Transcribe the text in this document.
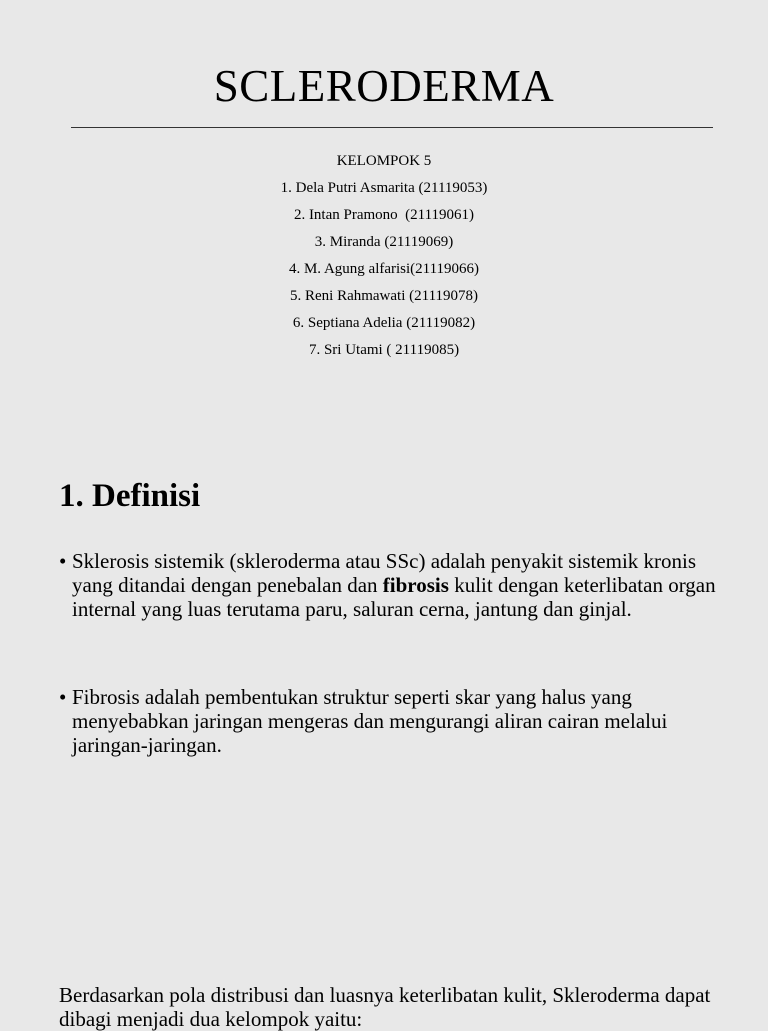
SCLERODERMA
KELOMPOK 5
1. Dela Putri Asmarita (21119053)
2. Intan Pramono  (21119061)
3. Miranda (21119069)
4. M. Agung alfarisi(21119066)
5. Reni Rahmawati (21119078)
6. Septiana Adelia (21119082)
7. Sri Utami ( 21119085)
1. Definisi
• Sklerosis sistemik (skleroderma atau SSc) adalah penyakit sistemik kronis yang ditandai dengan penebalan dan fibrosis kulit dengan keterlibatan organ internal yang luas terutama paru, saluran cerna, jantung dan ginjal.
• Fibrosis adalah pembentukan struktur seperti skar yang halus yang menyebabkan jaringan mengeras dan mengurangi aliran cairan melalui jaringan-jaringan.
Berdasarkan pola distribusi dan luasnya keterlibatan kulit, Skleroderma dapat dibagi menjadi dua kelompok yaitu:
